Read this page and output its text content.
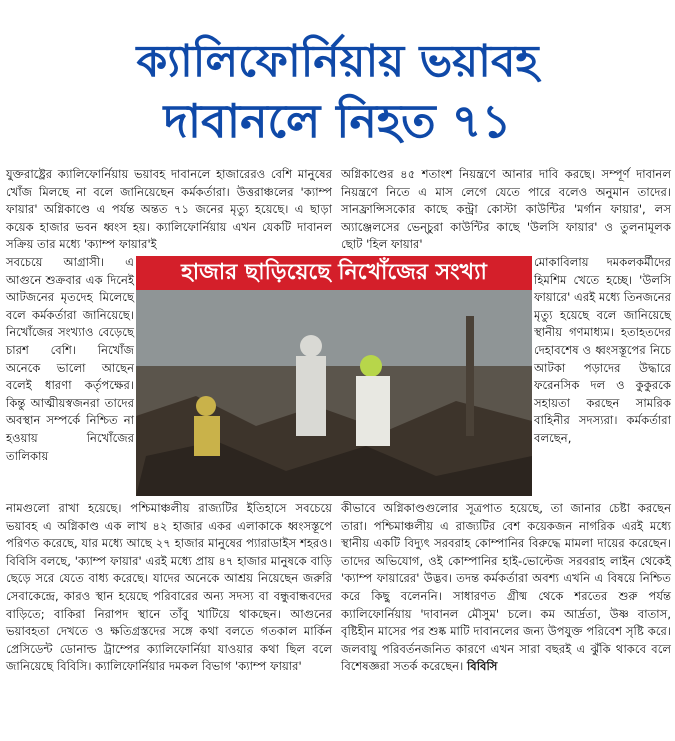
ক্যালিফোর্নিয়ায় ভয়াবহ
দাবানলে নিহত ৭১

যুক্তরাষ্ট্রের ক্যালিফোর্নিয়ায় ভয়াবহ দাবানলে হাজারেরও বেশি মানুষের খোঁজ মিলছে না বলে জানিয়েছেন কর্মকর্তারা। উত্তরাঞ্চলের 'ক্যাম্প ফায়ার' অগ্নিকাণ্ডে এ পর্যন্ত অন্তত ৭১ জনের মৃত্যু হয়েছে। এ ছাড়া কয়েক হাজার ভবন ধ্বংস হয়। ক্যালিফোর্নিয়ায় এখন যেকটি দাবানল সক্রিয় তার মধ্যে 'ক্যাম্প ফায়ার'ই

সবচেয়ে আগ্রাসী। এ আগুনে শুক্রবার এক দিনেই আটজনের মৃতদেহ মিলেছে বলে কর্মকর্তারা জানিয়েছে। নিখোঁজের সংখ্যাও বেড়েছে চারশ বেশি। নিখোঁজ অনেকে ভালো আছেন বলেই ধারণা কর্তৃপক্ষের। কিন্তু আত্মীয়স্বজনরা তাদের অবস্থান সম্পর্কে নিশ্চিত না হওয়ায় নিখোঁজের তালিকায়

অগ্নিকাণ্ডের ৪৫ শতাংশ নিয়ন্ত্রণে আনার দাবি করছে। সম্পূর্ণ দাবানল নিয়ন্ত্রণে নিতে এ মাস লেগে যেতে পারে বলেও অনুমান তাদের। সানফ্রান্সিসকোর কাছে কন্ট্রা কোস্টা কাউন্টির 'মর্গান ফায়ার', লস অ্যাঞ্জেলসের ভেন্চুরা কাউন্টির কাছে 'উলসি ফায়ার' ও তুলনামূলক ছোট 'হিল ফায়ার'

মোকাবিলায় দমকলকর্মীদের হিমশিম খেতে হচ্ছে। 'উলসি ফায়ারে' এরই মধ্যে তিনজনের মৃত্যু হয়েছে বলে জানিয়েছে স্থানীয় গণমাধ্যম। হতাহতদের দেহাবশেষ ও ধ্বংসস্তূপের নিচে আটকা পড়াদের উদ্ধারে ফরেনসিক দল ও কুকুরকে সহায়তা করছেন সামরিক বাহিনীর সদস্যরা। কর্মকর্তারা বলছেন,

হাজার ছাড়িয়েছে নিখোঁজের সংখ্যা

নামগুলো রাখা হয়েছে। পশ্চিমাঞ্চলীয় রাজ্যটির ইতিহাসে সবচেয়ে ভয়াবহ এ অগ্নিকাণ্ড এক লাখ ৪২ হাজার একর এলাকাকে ধ্বংসস্তূপে পরিণত করেছে, যার মধ্যে আছে ২৭ হাজার মানুষের প্যারাডাইস শহরও। বিবিসি বলছে, 'ক্যাম্প ফায়ার' এরই মধ্যে প্রায় ৪৭ হাজার মানুষকে বাড়ি ছেড়ে সরে যেতে বাধ্য করেছে। যাদের অনেকে আশ্রয় নিয়েছেন জরুরি সেবাকেন্দ্রে, কারও স্থান হয়েছে পরিবারের অন্য সদস্য বা বন্ধুবান্ধবদের বাড়িতে; বাকিরা নিরাপদ স্থানে তাঁবু খাটিয়ে থাকছেন। আগুনের ভয়াবহতা দেখতে ও ক্ষতিগ্রস্তদের সঙ্গে কথা বলতে গতকাল মার্কিন প্রেসিডেন্ট ডোনাল্ড ট্রাম্পের ক্যালিফোর্নিয়া যাওয়ার কথা ছিল বলে জানিয়েছে বিবিসি। ক্যালিফোর্নিয়ার দমকল বিভাগ 'ক্যাম্প ফায়ার'

কীভাবে অগ্নিকাণ্ডগুলোর সূত্রপাত হয়েছে, তা জানার চেষ্টা করছেন তারা। পশ্চিমাঞ্চলীয় এ রাজ্যটির বেশ কয়েকজন নাগরিক এরই মধ্যে স্থানীয় একটি বিদ্যুৎ সরবরাহ কোম্পানির বিরুদ্ধে মামলা দায়ের করেছেন। তাদের অভিযোগ, ওই কোম্পানির হাই-ভোল্টেজ সরবরাহ লাইন থেকেই 'ক্যাম্প ফায়ারের' উদ্ভব। তদন্ত কর্মকর্তারা অবশ্য এখনি এ বিষয়ে নিশ্চিত করে কিছু বলেননি। সাধারণত গ্রীষ্ম থেকে শরতের শুরু পর্যন্ত ক্যালিফোর্নিয়ায় 'দাবানল মৌসুম' চলে। কম আর্দ্রতা, উষ্ণ বাতাস, বৃষ্টিহীন মাসের পর শুষ্ক মাটি দাবানলের জন্য উপযুক্ত পরিবেশ সৃষ্টি করে। জলবায়ু পরিবর্তনজনিত কারণে এখন সারা বছরই এ ঝুঁকি থাকবে বলে বিশেষজ্ঞরা সতর্ক করেছেন। বিবিসি
